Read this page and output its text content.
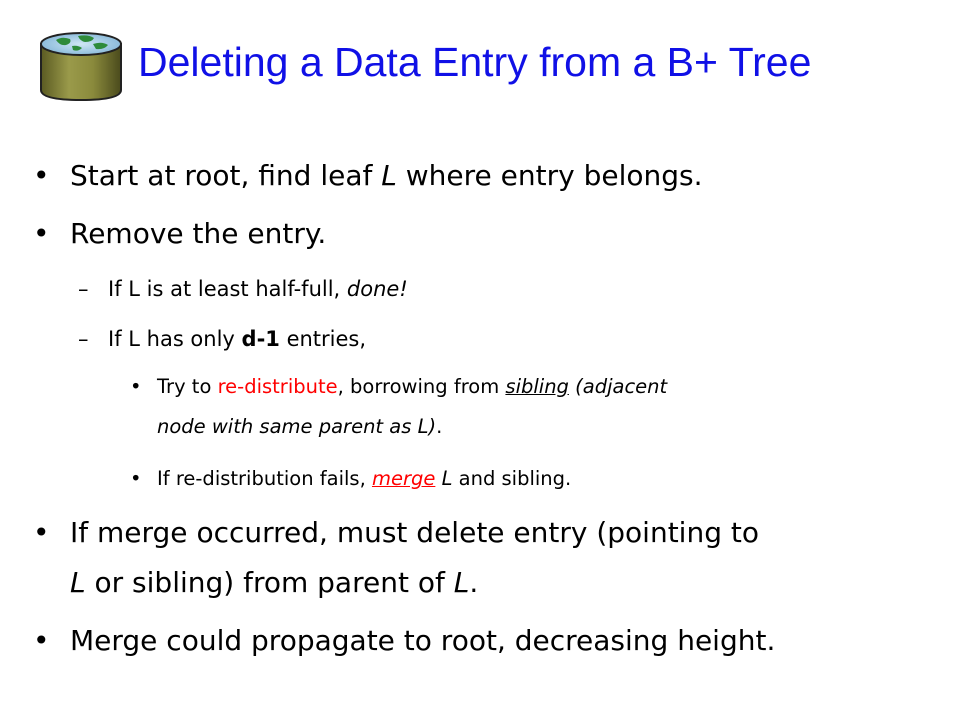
Deleting a Data Entry from a B+ Tree
• Start at root, find leaf L where entry belongs.
• Remove the entry.
– If L is at least half-full, done!
– If L has only d-1 entries,
• Try to re-distribute, borrowing from sibling (adjacent
node with same parent as L).
• If re-distribution fails, merge L and sibling.
• If merge occurred, must delete entry (pointing to
L or sibling) from parent of L.
• Merge could propagate to root, decreasing height.
